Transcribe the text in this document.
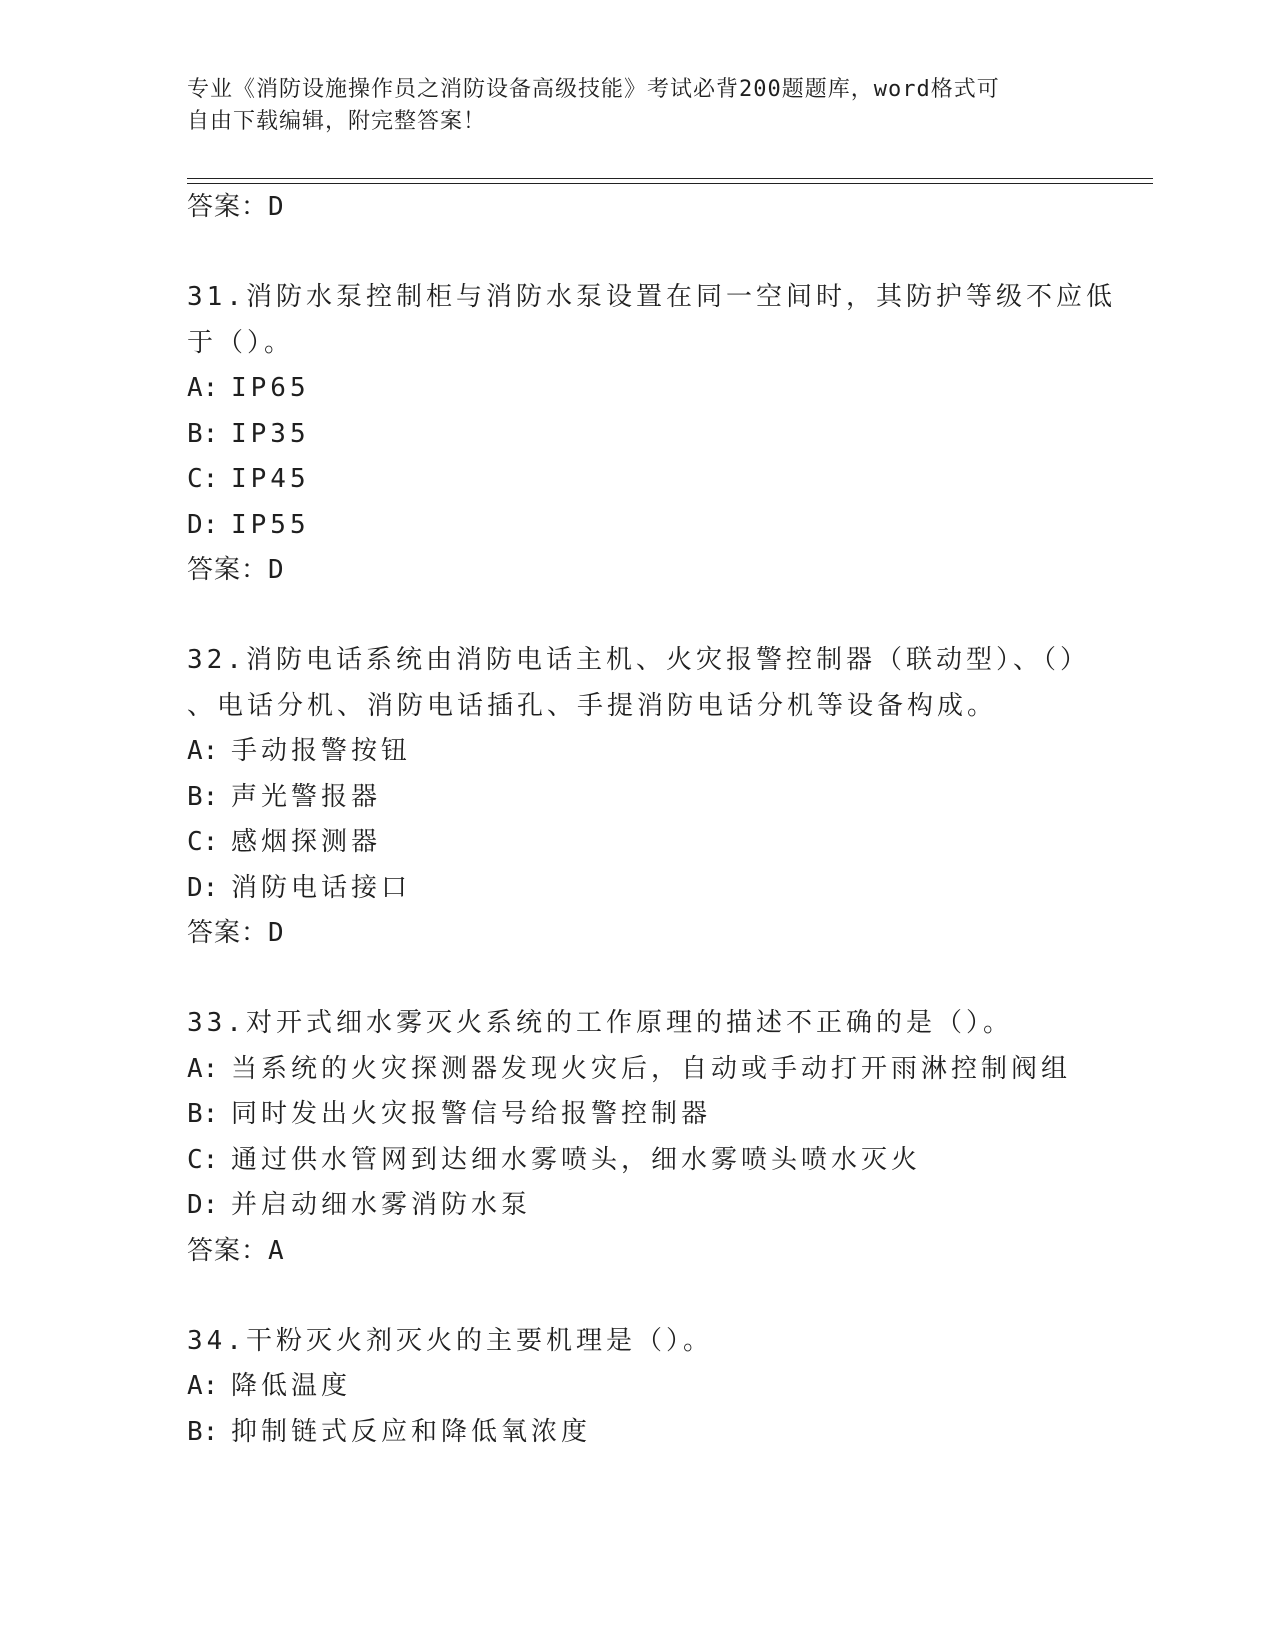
专业《消防设施操作员之消防设备高级技能》考试必背200题题库，word格式可
自由下载编辑，附完整答案！
答案：D
31.消防水泵控制柜与消防水泵设置在同一空间时，其防护等级不应低
于（）。
A: IP65
B: IP35
C: IP45
D: IP55
答案：D
32.消防电话系统由消防电话主机、火灾报警控制器（联动型）、（）
、电话分机、消防电话插孔、手提消防电话分机等设备构成。
A: 手动报警按钮
B: 声光警报器
C: 感烟探测器
D: 消防电话接口
答案：D
33.对开式细水雾灭火系统的工作原理的描述不正确的是（）。
A: 当系统的火灾探测器发现火灾后，自动或手动打开雨淋控制阀组
B: 同时发出火灾报警信号给报警控制器
C: 通过供水管网到达细水雾喷头，细水雾喷头喷水灭火
D: 并启动细水雾消防水泵
答案：A
34.干粉灭火剂灭火的主要机理是（）。
A: 降低温度
B: 抑制链式反应和降低氧浓度
